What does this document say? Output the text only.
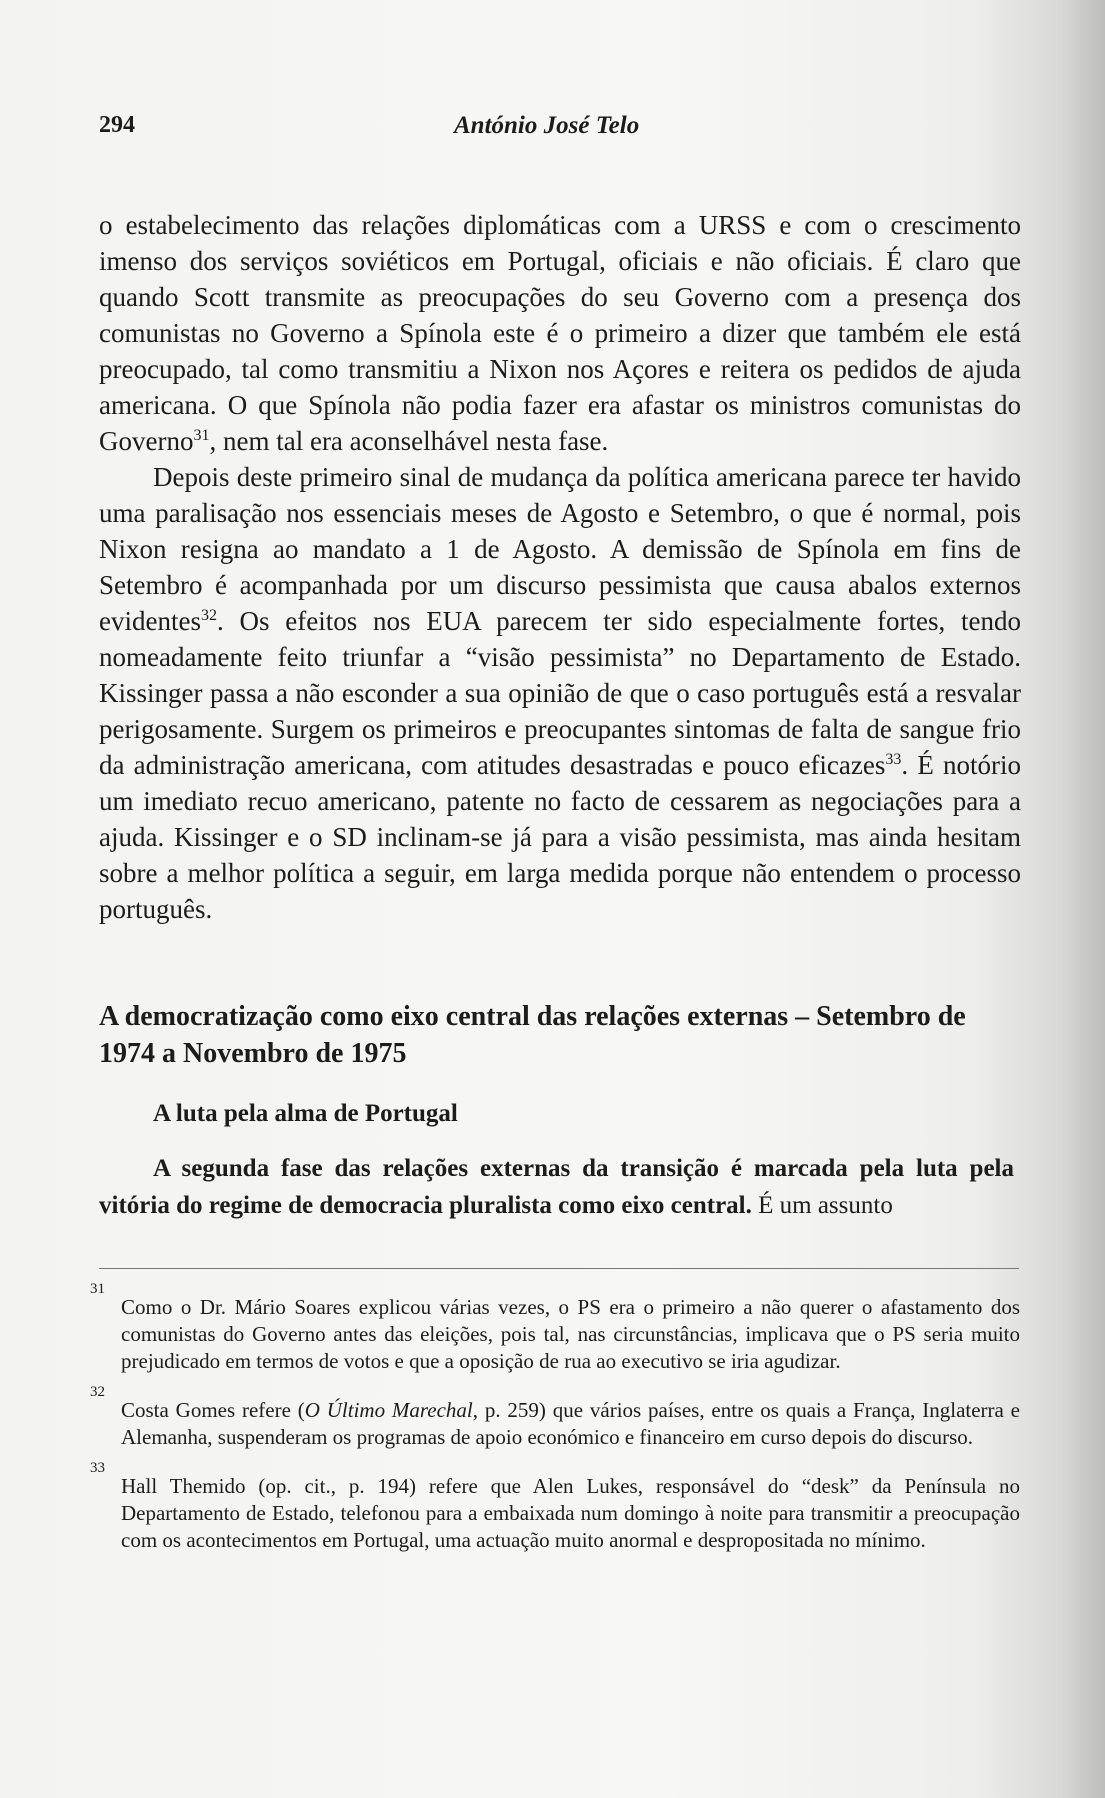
294	António José Telo

o estabelecimento das relações diplomáticas com a URSS e com o crescimento imenso dos serviços soviéticos em Portugal, oficiais e não oficiais. É claro que quando Scott transmite as preocupações do seu Governo com a presença dos comunistas no Governo a Spínola este é o primeiro a dizer que também ele está preocupado, tal como transmitiu a Nixon nos Açores e reitera os pedidos de ajuda americana. O que Spínola não podia fazer era afastar os ministros comunistas do Governo$^{31}$, nem tal era aconselhável nesta fase.

Depois deste primeiro sinal de mudança da política americana parece ter havido uma paralisação nos essenciais meses de Agosto e Setembro, o que é normal, pois Nixon resigna ao mandato a 1 de Agosto. A demissão de Spínola em fins de Setembro é acompanhada por um discurso pessimista que causa abalos externos evidentes$^{32}$. Os efeitos nos EUA parecem ter sido especialmente fortes, tendo nomeadamente feito triunfar a “visão pessimista” no Departamento de Estado. Kissinger passa a não esconder a sua opinião de que o caso português está a resvalar perigosamente. Surgem os primeiros e preocupantes sintomas de falta de sangue frio da administração americana, com atitudes desastradas e pouco eficazes$^{33}$. É notório um imediato recuo americano, patente no facto de cessarem as negociações para a ajuda. Kissinger e o SD inclinam-se já para a visão pessimista, mas ainda hesitam sobre a melhor política a seguir, em larga medida porque não entendem o processo português.

A democratização como eixo central das relações externas – Setembro de 1974 a Novembro de 1975
A luta pela alma de Portugal

A segunda fase das relações externas da transição é marcada pela luta pela vitória do regime de democracia pluralista como eixo central. É um assunto

31
Como o Dr. Mário Soares explicou várias vezes, o PS era o primeiro a não querer o afastamento dos comunistas do Governo antes das eleições, pois tal, nas circunstâncias, implicava que o PS seria muito prejudicado em termos de votos e que a oposição de rua ao executivo se iria agudizar.
32
Costa Gomes refere (O Último Marechal, p. 259) que vários países, entre os quais a França, Inglaterra e Alemanha, suspenderam os programas de apoio económico e financeiro em curso depois do discurso.
33
Hall Themido (op. cit., p. 194) refere que Alen Lukes, responsável do “desk” da Península no Departamento de Estado, telefonou para a embaixada num domingo à noite para transmitir a preocupação com os acontecimentos em Portugal, uma actuação muito anormal e despropositada no mínimo.
